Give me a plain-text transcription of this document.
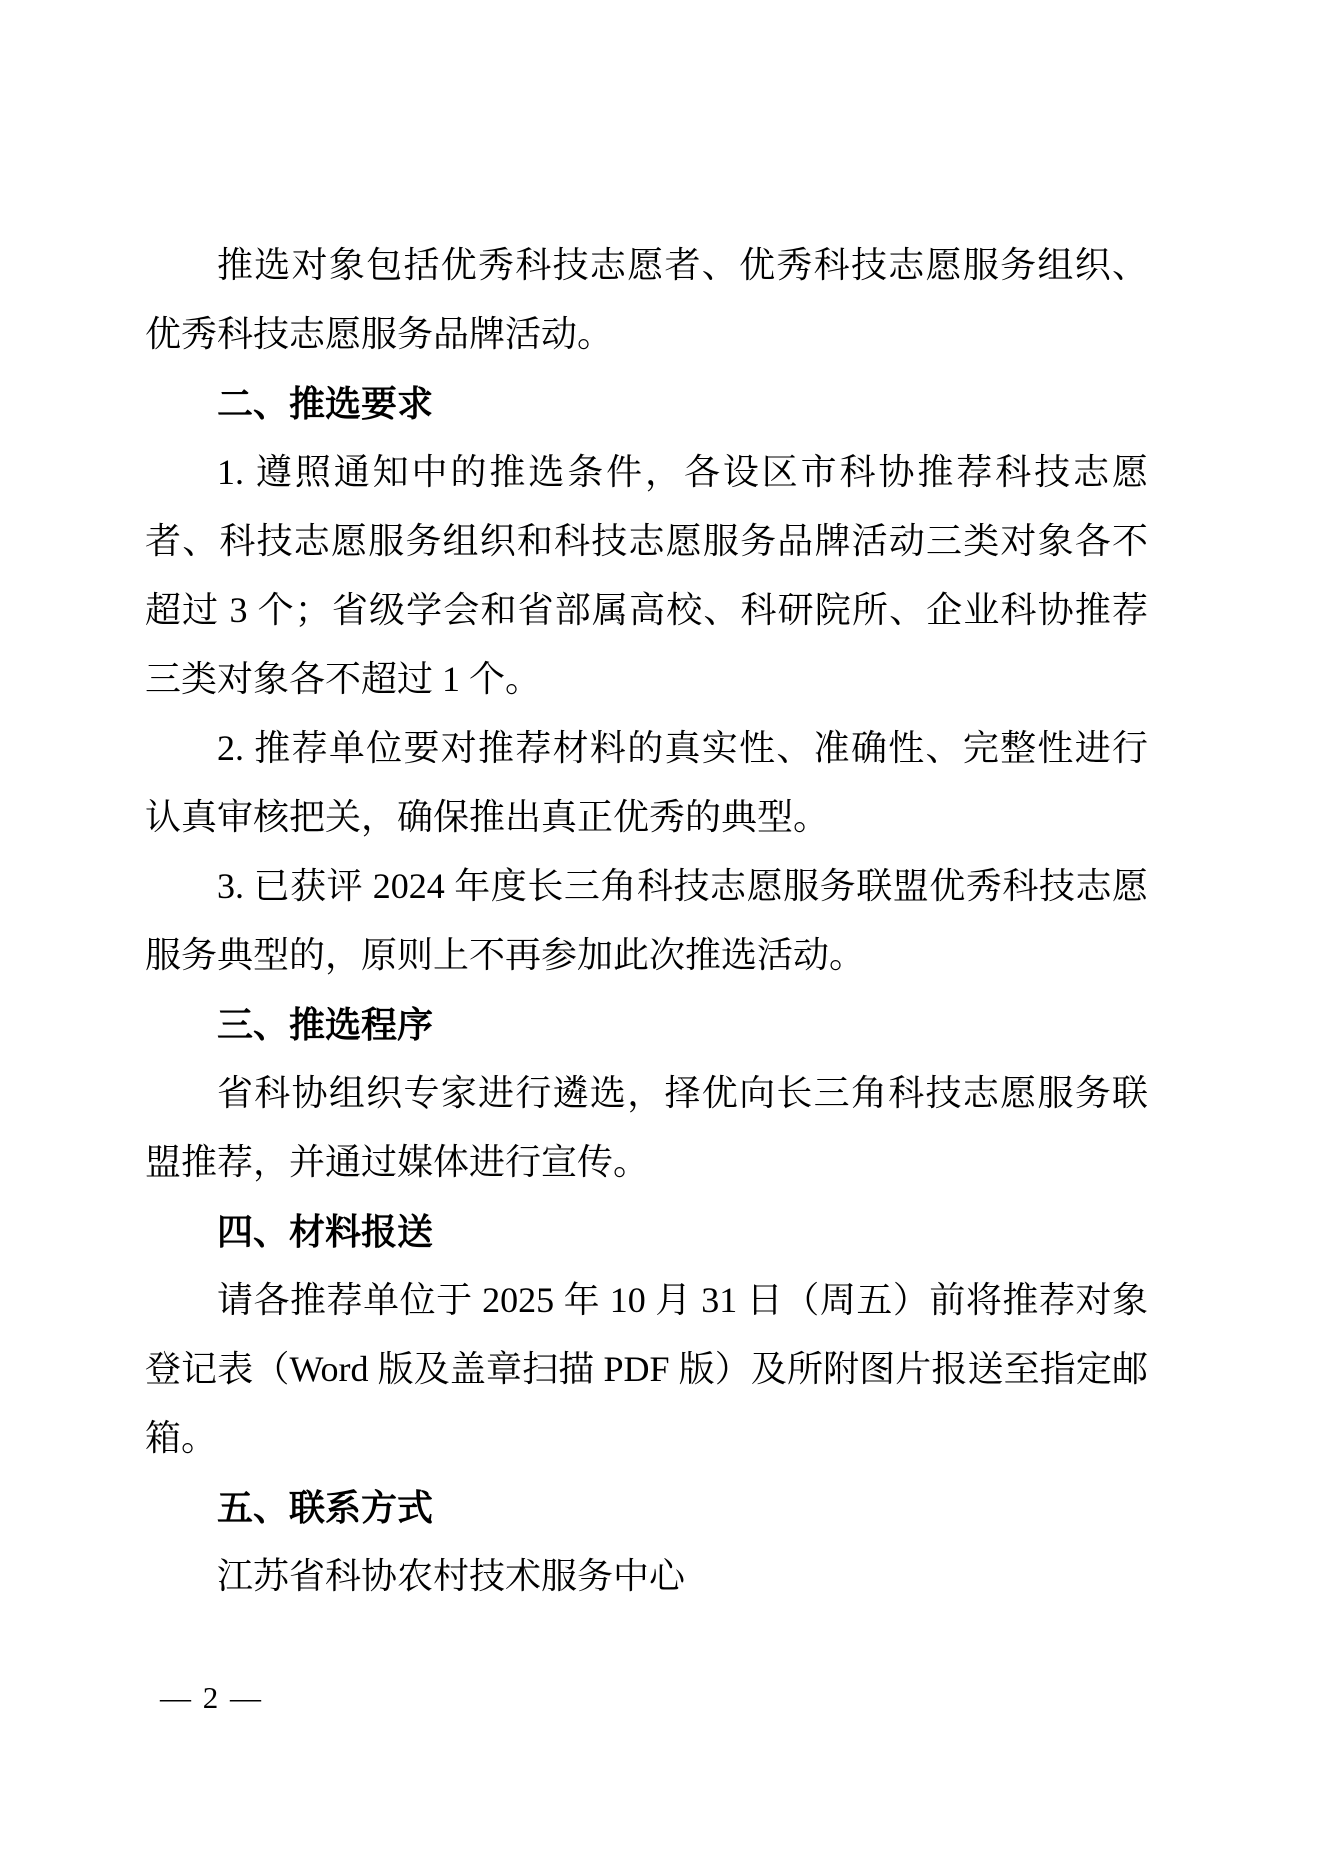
推选对象包括优秀科技志愿者、优秀科技志愿服务组织、优秀科技志愿服务品牌活动。

二、推选要求

1. 遵照通知中的推选条件，各设区市科协推荐科技志愿者、科技志愿服务组织和科技志愿服务品牌活动三类对象各不超过 3 个；省级学会和省部属高校、科研院所、企业科协推荐三类对象各不超过 1 个。

2. 推荐单位要对推荐材料的真实性、准确性、完整性进行认真审核把关，确保推出真正优秀的典型。

3. 已获评 2024 年度长三角科技志愿服务联盟优秀科技志愿服务典型的，原则上不再参加此次推选活动。

三、推选程序

省科协组织专家进行遴选，择优向长三角科技志愿服务联盟推荐，并通过媒体进行宣传。

四、材料报送

请各推荐单位于 2025 年 10 月 31 日（周五）前将推荐对象登记表（Word 版及盖章扫描 PDF 版）及所附图片报送至指定邮箱。

五、联系方式

江苏省科协农村技术服务中心

— 2 —
